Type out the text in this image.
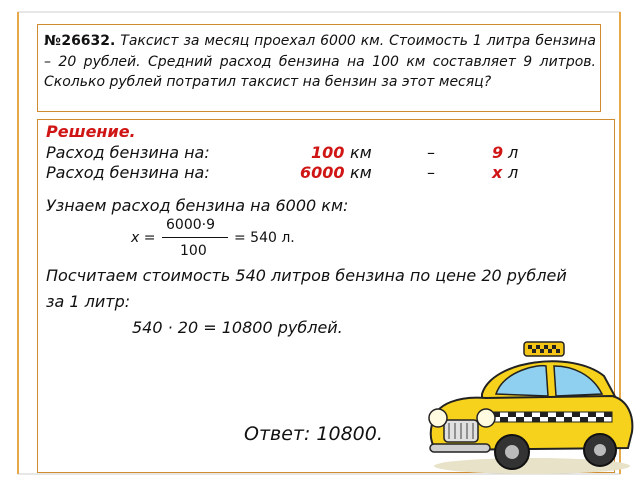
№26632. Таксист за месяц проехал 6000 км. Стоимость 1 литра бензина – 20 рублей. Средний расход бензина на 100 км составляет 9 литров. Сколько рублей потратил таксист на бензин за этот месяц?
Решение.
Расход бензина на:	100 км	–	9 л
Расход бензина на:	6000 км	–	x л
Узнаем расход бензина на 6000 км:
x =
6000·9
100
= 540 л.
Посчитаем стоимость 540 литров бензина по цене 20 рублей
за 1 литр:
540 · 20 = 10800 рублей.
Ответ: 10800.
